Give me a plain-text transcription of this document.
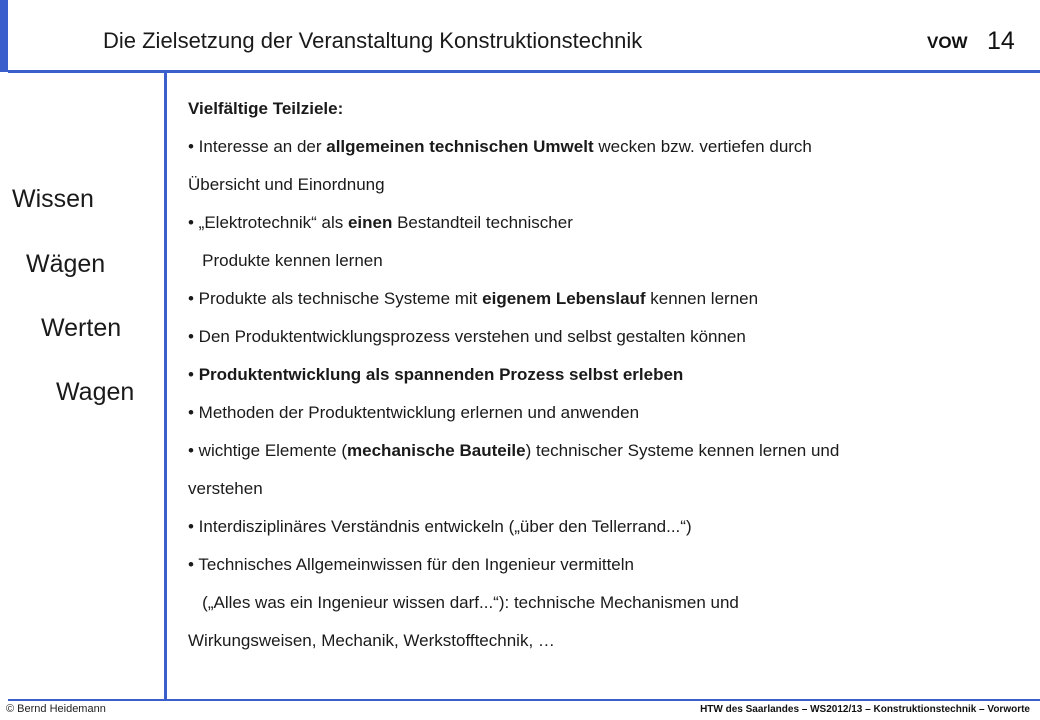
Die Zielsetzung der Veranstaltung Konstruktionstechnik	VOW 14
Wissen
Wägen
Werten
Wagen
Vielfältige Teilziele:
• Interesse an der allgemeinen technischen Umwelt wecken bzw. vertiefen durch
Übersicht und Einordnung
• „Elektrotechnik“ als einen Bestandteil technischer
Produkte kennen lernen
• Produkte als technische Systeme mit eigenem Lebenslauf kennen lernen
• Den Produktentwicklungsprozess verstehen und selbst gestalten können
• Produktentwicklung als spannenden Prozess selbst erleben
• Methoden der Produktentwicklung erlernen und anwenden
• wichtige Elemente (mechanische Bauteile) technischer Systeme kennen lernen und
verstehen
• Interdisziplinäres Verständnis entwickeln („über den Tellerrand...“)
• Technisches Allgemeinwissen für den Ingenieur vermitteln
(„Alles was ein Ingenieur wissen darf...“): technische Mechanismen und
Wirkungsweisen, Mechanik, Werkstofftechnik, …
© Bernd Heidemann	HTW des Saarlandes – WS2012/13 – Konstruktionstechnik – Vorworte
